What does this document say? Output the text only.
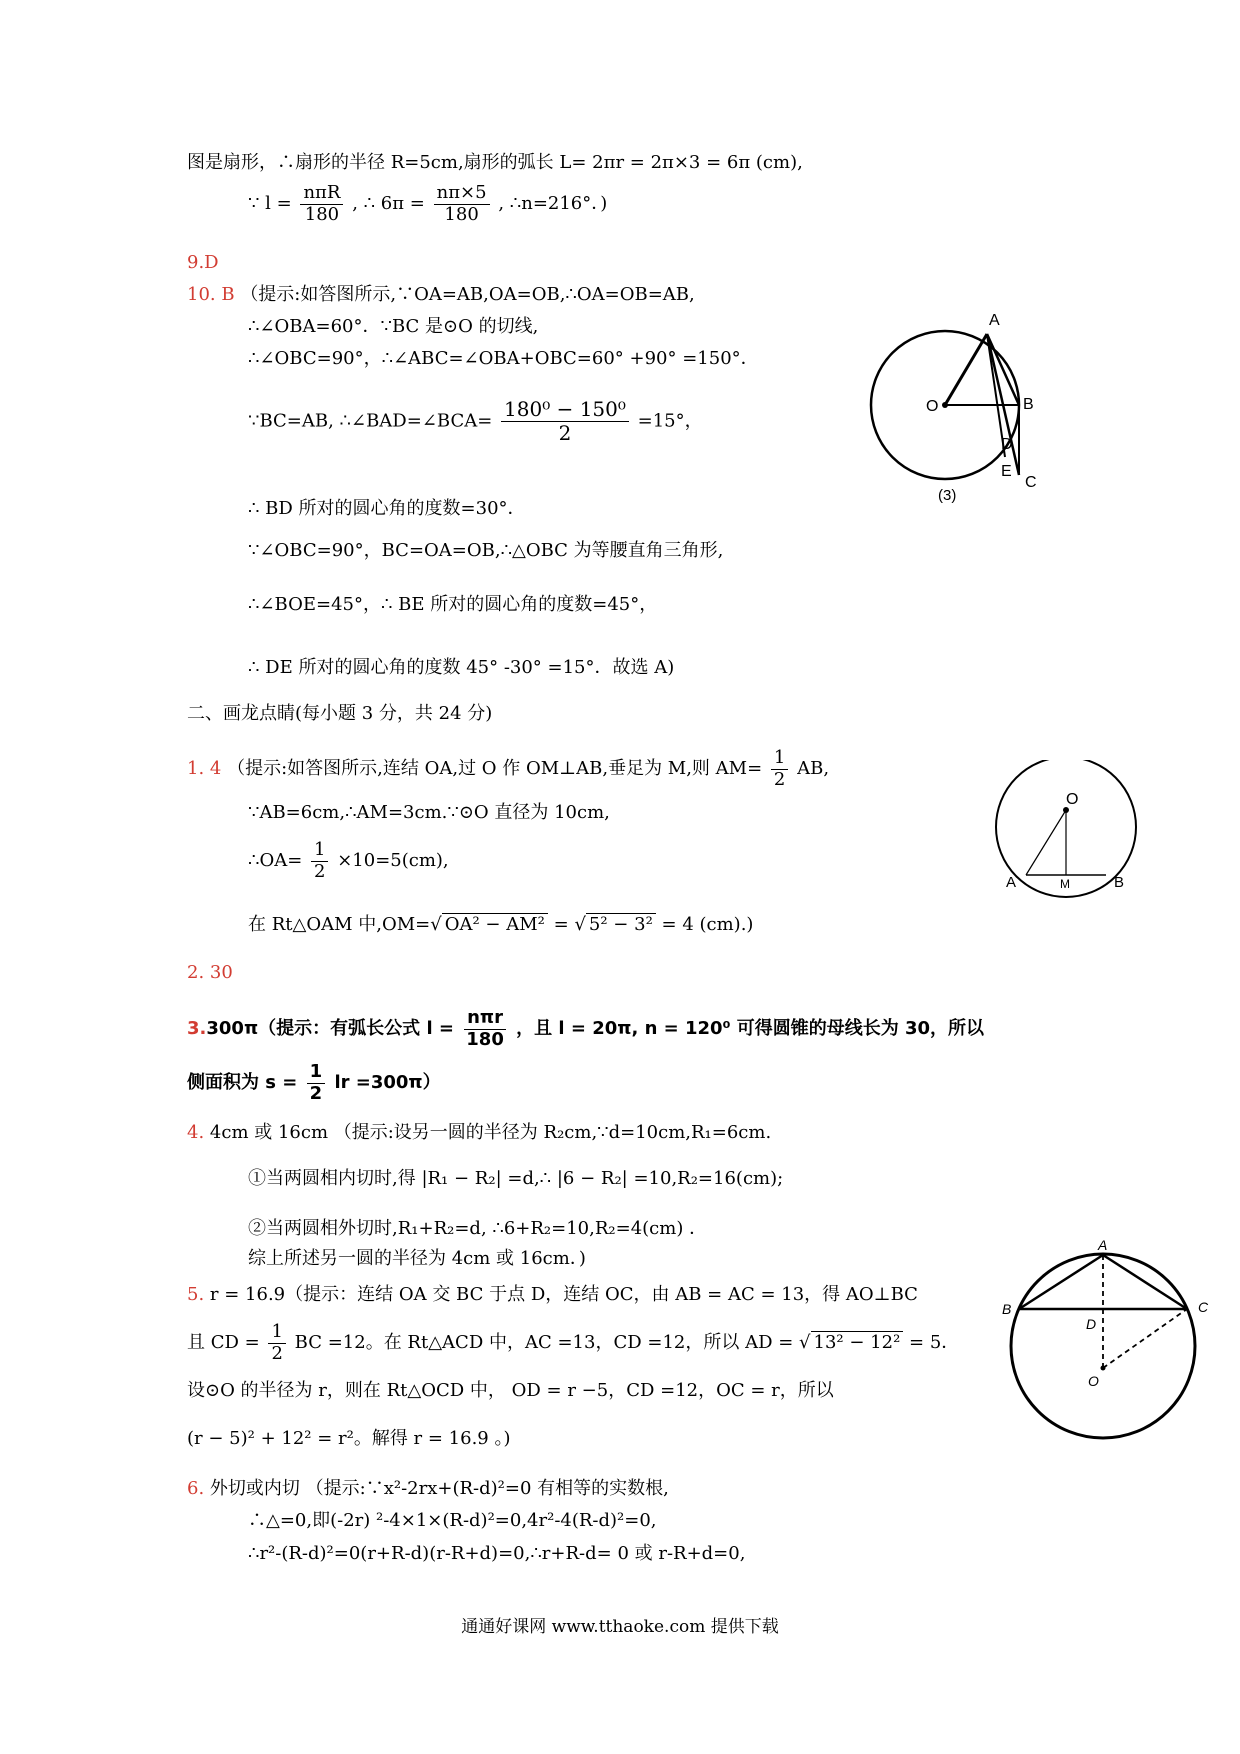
图是扇形，∴扇形的半径 R=5cm,扇形的弧长 L= 2πr = 2π×3 = 6π (cm),
∵ $l = \frac{\text{nπR}}{180}$ , ∴ $6\pi = \frac{n\pi\times 5}{180}$ , ∴n=216°．)
9.D
10. B （提示:如答图所示,∵OA=AB,OA=OB,∴OA=OB=AB,
∴∠OBA=60°．∵BC 是⊙O 的切线,
∴∠OBC=90°，∴∠ABC=∠OBA+OBC=60° +90° =150°．
∵BC=AB, ∴∠BAD=∠BCA= $\frac{\text{180⁰ − 150⁰}}{2} =15^\circ$，
∴ BD 所对的圆心角的度数=30°．
∵∠OBC=90°，BC=OA=OB,∴△OBC 为等腰直角三角形,
∴∠BOE=45°，∴ BE 所对的圆心角的度数=45°，
∴ DE 所对的圆心角的度数 45° -30° =15°．故选 A)
二、画龙点睛(每小题 3 分，共 24 分)
1. 4 （提示:如答图所示,连结 OA,过 O 作 OM⊥AB,垂足为 M,则 $AM= \frac{1}{2}$ AB,
∵AB=6cm,∴AM=3cm.∵⊙O 直径为 10cm,
∴OA= $\frac{1}{2} \times 10=5(cm)$,
在 Rt△OAM 中,OM=√ OA² − AM² = √ 5² − 3² = 4 (cm).)
2. 30
3.300π（提示：有弧长公式 $l = \frac{\text{nπr}}{180}$ ，且 l = 20π, n = 120⁰ 可得圆锥的母线长为 30，所以
侧面积为 $s = \frac{1}{2}$ lr =300π）
4. 4cm 或 16cm （提示:设另一圆的半径为 R₂cm,∵d=10cm,R₁=6cm.
①当两圆相内切时,得 |R₁ − R₂| =d,∴ |6 − R₂| =10,R₂=16(cm);
②当两圆相外切时,R₁+R₂=d, ∴6+R₂=10,R₂=4(cm) ．
综上所述另一圆的半径为 4cm 或 16cm．)
5. r = 16.9（提示：连结 OA 交 BC 于点 D，连结 OC，由 AB = AC = 13，得 AO⊥BC
且 CD = $\frac{1}{2}$ BC =12。在 Rt△ACD 中，AC =13，CD =12，所以 AD = √ 13² − 12² = 5．
设⊙O 的半径为 r，则在 Rt△OCD 中， OD = r −5，CD =12，OC = r，所以
(r − 5)² + 12² = r²。解得 r = 16.9 。)
6. 外切或内切 （提示:∵x²-2rx+(R-d)²=0 有相等的实数根,
∴△=0,即(-2r) ²-4×1×(R-d)²=0,4r²-4(R-d)²=0,
∴r²-(R-d)²=0(r+R-d)(r-R+d)=0,∴r+R-d= 0 或 r-R+d=0,
A
B
C
D
E
O
(3)
O
A	M	B
A
B	C
D
O
通通好课网 www.tthaoke.com 提供下载
